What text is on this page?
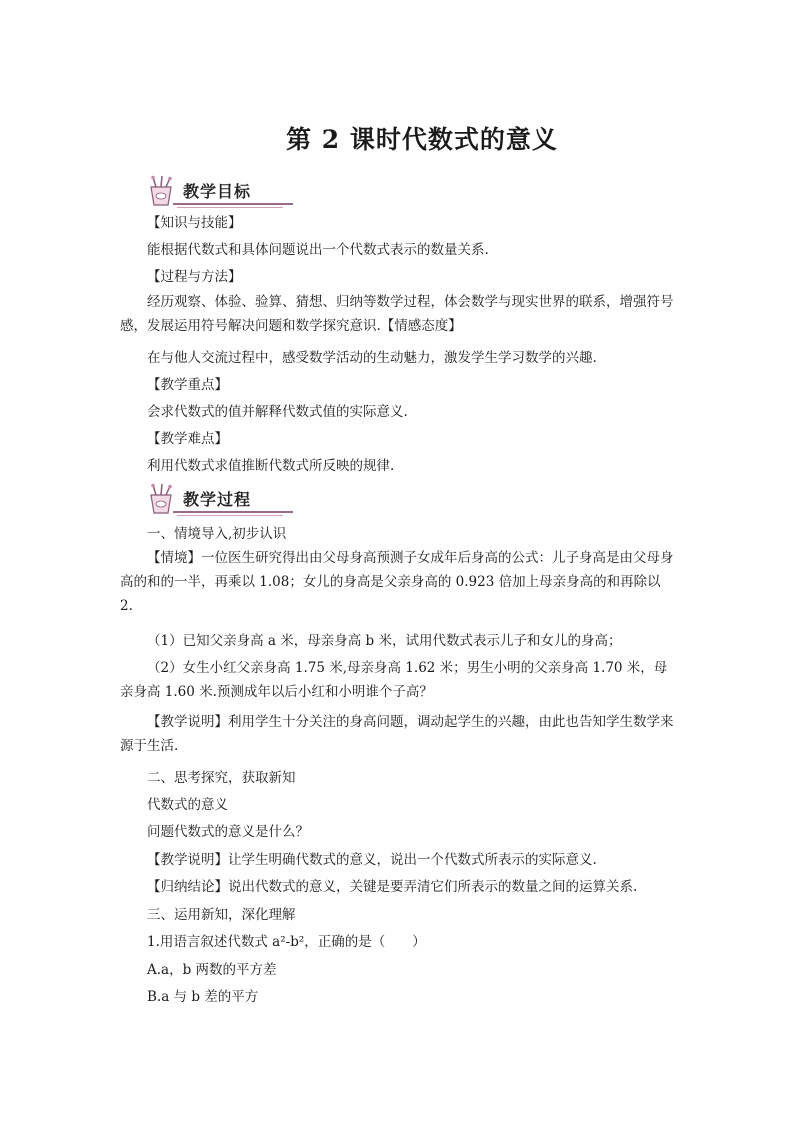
第 2 课时代数式的意义
教学目标
【知识与技能】
能根据代数式和具体问题说出一个代数式表示的数量关系.
【过程与方法】
经历观察、体验、验算、猜想、归纳等数学过程，体会数学与现实世界的联系，增强符号感，发展运用符号解决问题和数学探究意识.【情感态度】
在与他人交流过程中，感受数学活动的生动魅力，激发学生学习数学的兴趣.
【教学重点】
会求代数式的值并解释代数式值的实际意义.
【教学难点】
利用代数式求值推断代数式所反映的规律.
教学过程
一、情境导入,初步认识
【情境】一位医生研究得出由父母身高预测子女成年后身高的公式：儿子身高是由父母身高的和的一半，再乘以 1.08；女儿的身高是父亲身高的 0.923 倍加上母亲身高的和再除以 2.
（1）已知父亲身高 a 米，母亲身高 b 米，试用代数式表示儿子和女儿的身高；
（2）女生小红父亲身高 1.75 米,母亲身高 1.62 米；男生小明的父亲身高 1.70 米，母亲身高 1.60 米.预测成年以后小红和小明谁个子高？
【教学说明】利用学生十分关注的身高问题，调动起学生的兴趣，由此也告知学生数学来源于生活.
二、思考探究，获取新知
代数式的意义
问题代数式的意义是什么？
【教学说明】让学生明确代数式的意义，说出一个代数式所表示的实际意义.
【归纳结论】说出代数式的意义，关键是要弄清它们所表示的数量之间的运算关系.
三、运用新知，深化理解
1.用语言叙述代数式 a²-b²，正确的是（　　）
A.a，b 两数的平方差
B.a 与 b 差的平方
